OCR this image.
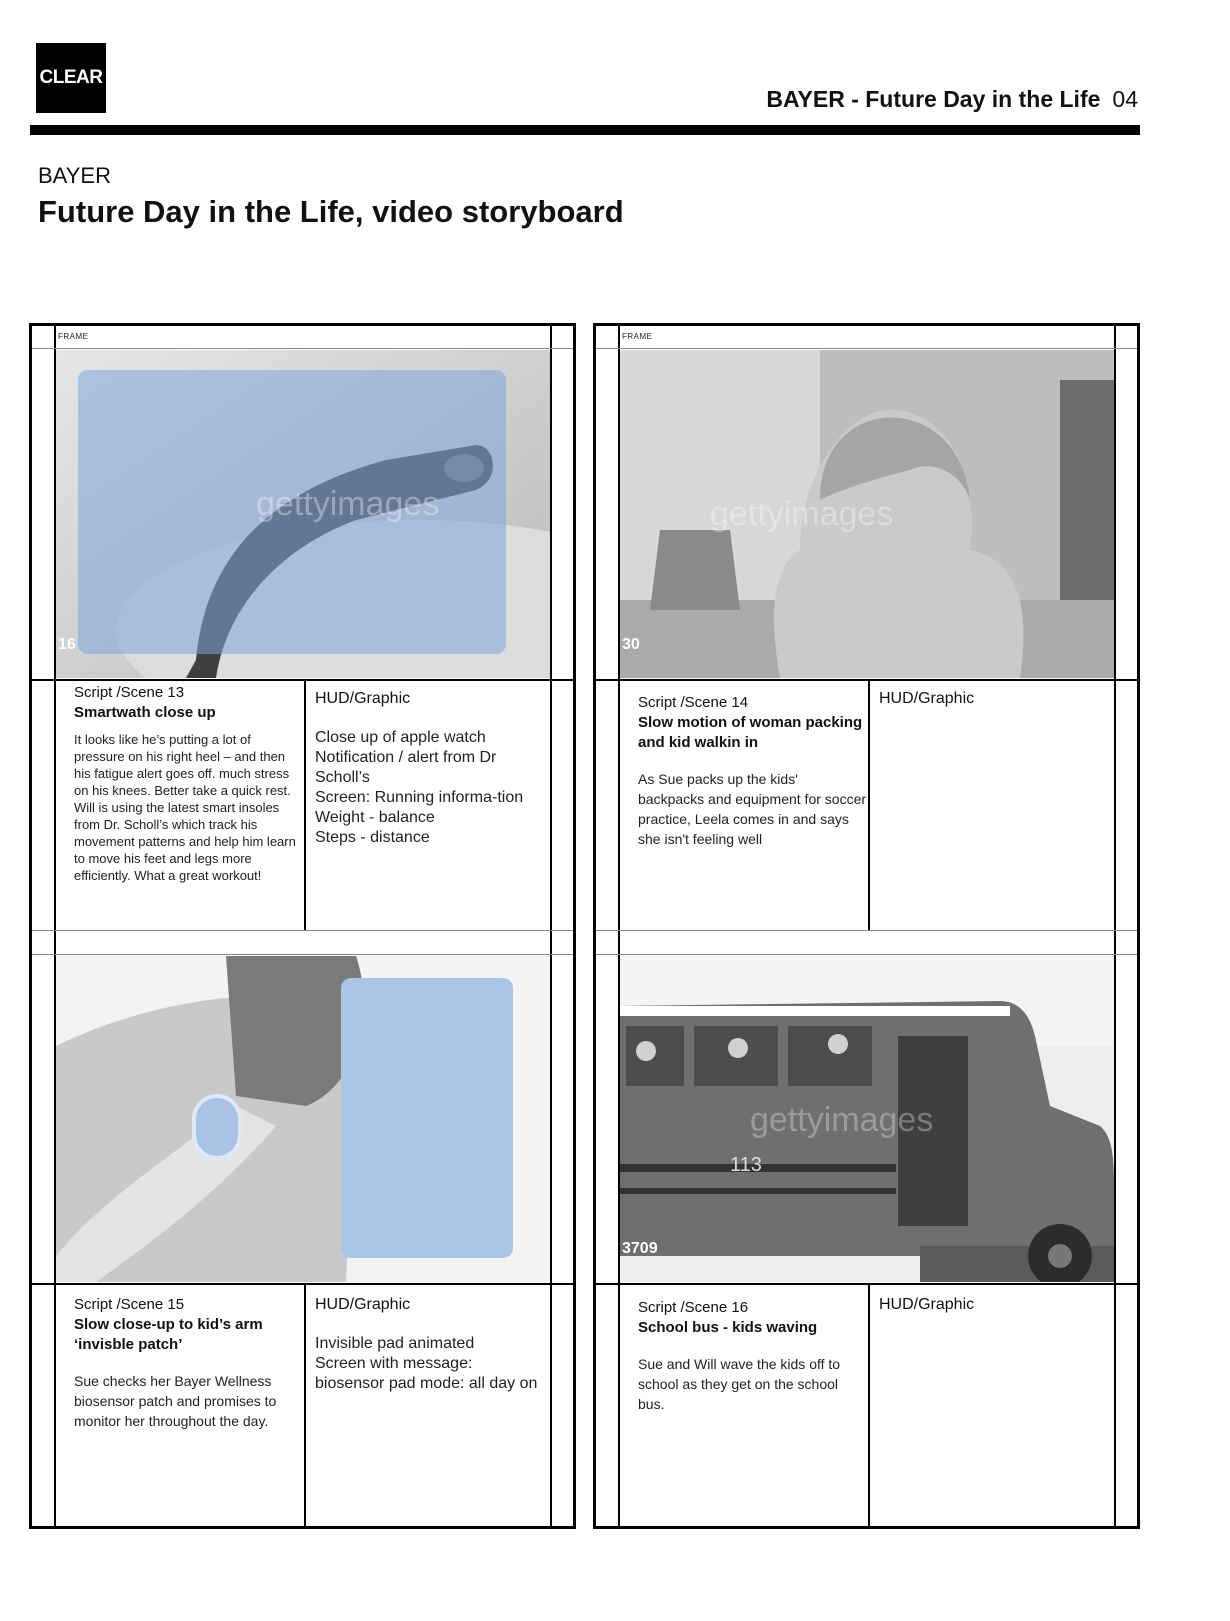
CLEAR
BAYER - Future Day in the Life 04
BAYER
Future Day in the Life, video storyboard
FRAME
gettyimages
16
Script /Scene 13
Smartwath close up
It looks like he’s putting a lot of pressure on his right heel – and then his fatigue alert goes off. much stress on his knees. Better take a quick rest. Will is using the latest smart insoles from Dr. Scholl’s which track his movement patterns and help him learn to move his feet and legs more efficiently. What a great workout!
HUD/Graphic
Close up of apple watch
Notification / alert from Dr Scholl’s
Screen: Running informa-tion
Weight - balance
Steps - distance
Script /Scene 15
Slow close-up to kid’s arm ‘invisble patch’
Sue checks her Bayer Wellness biosensor patch and promises to monitor her throughout the day.
HUD/Graphic
Invisible pad animated
Screen with message: biosensor pad mode: all day on
FRAME
gettyimages
30
Script /Scene 14
Slow motion of woman packing and kid walkin in
As Sue packs up the kids' backpacks and equipment for soccer practice, Leela comes in and says she isn't feeling well
HUD/Graphic
113
gettyimages
3709
Script /Scene 16
School bus - kids waving
Sue and Will wave the kids off to school as they get on the school bus.
HUD/Graphic
